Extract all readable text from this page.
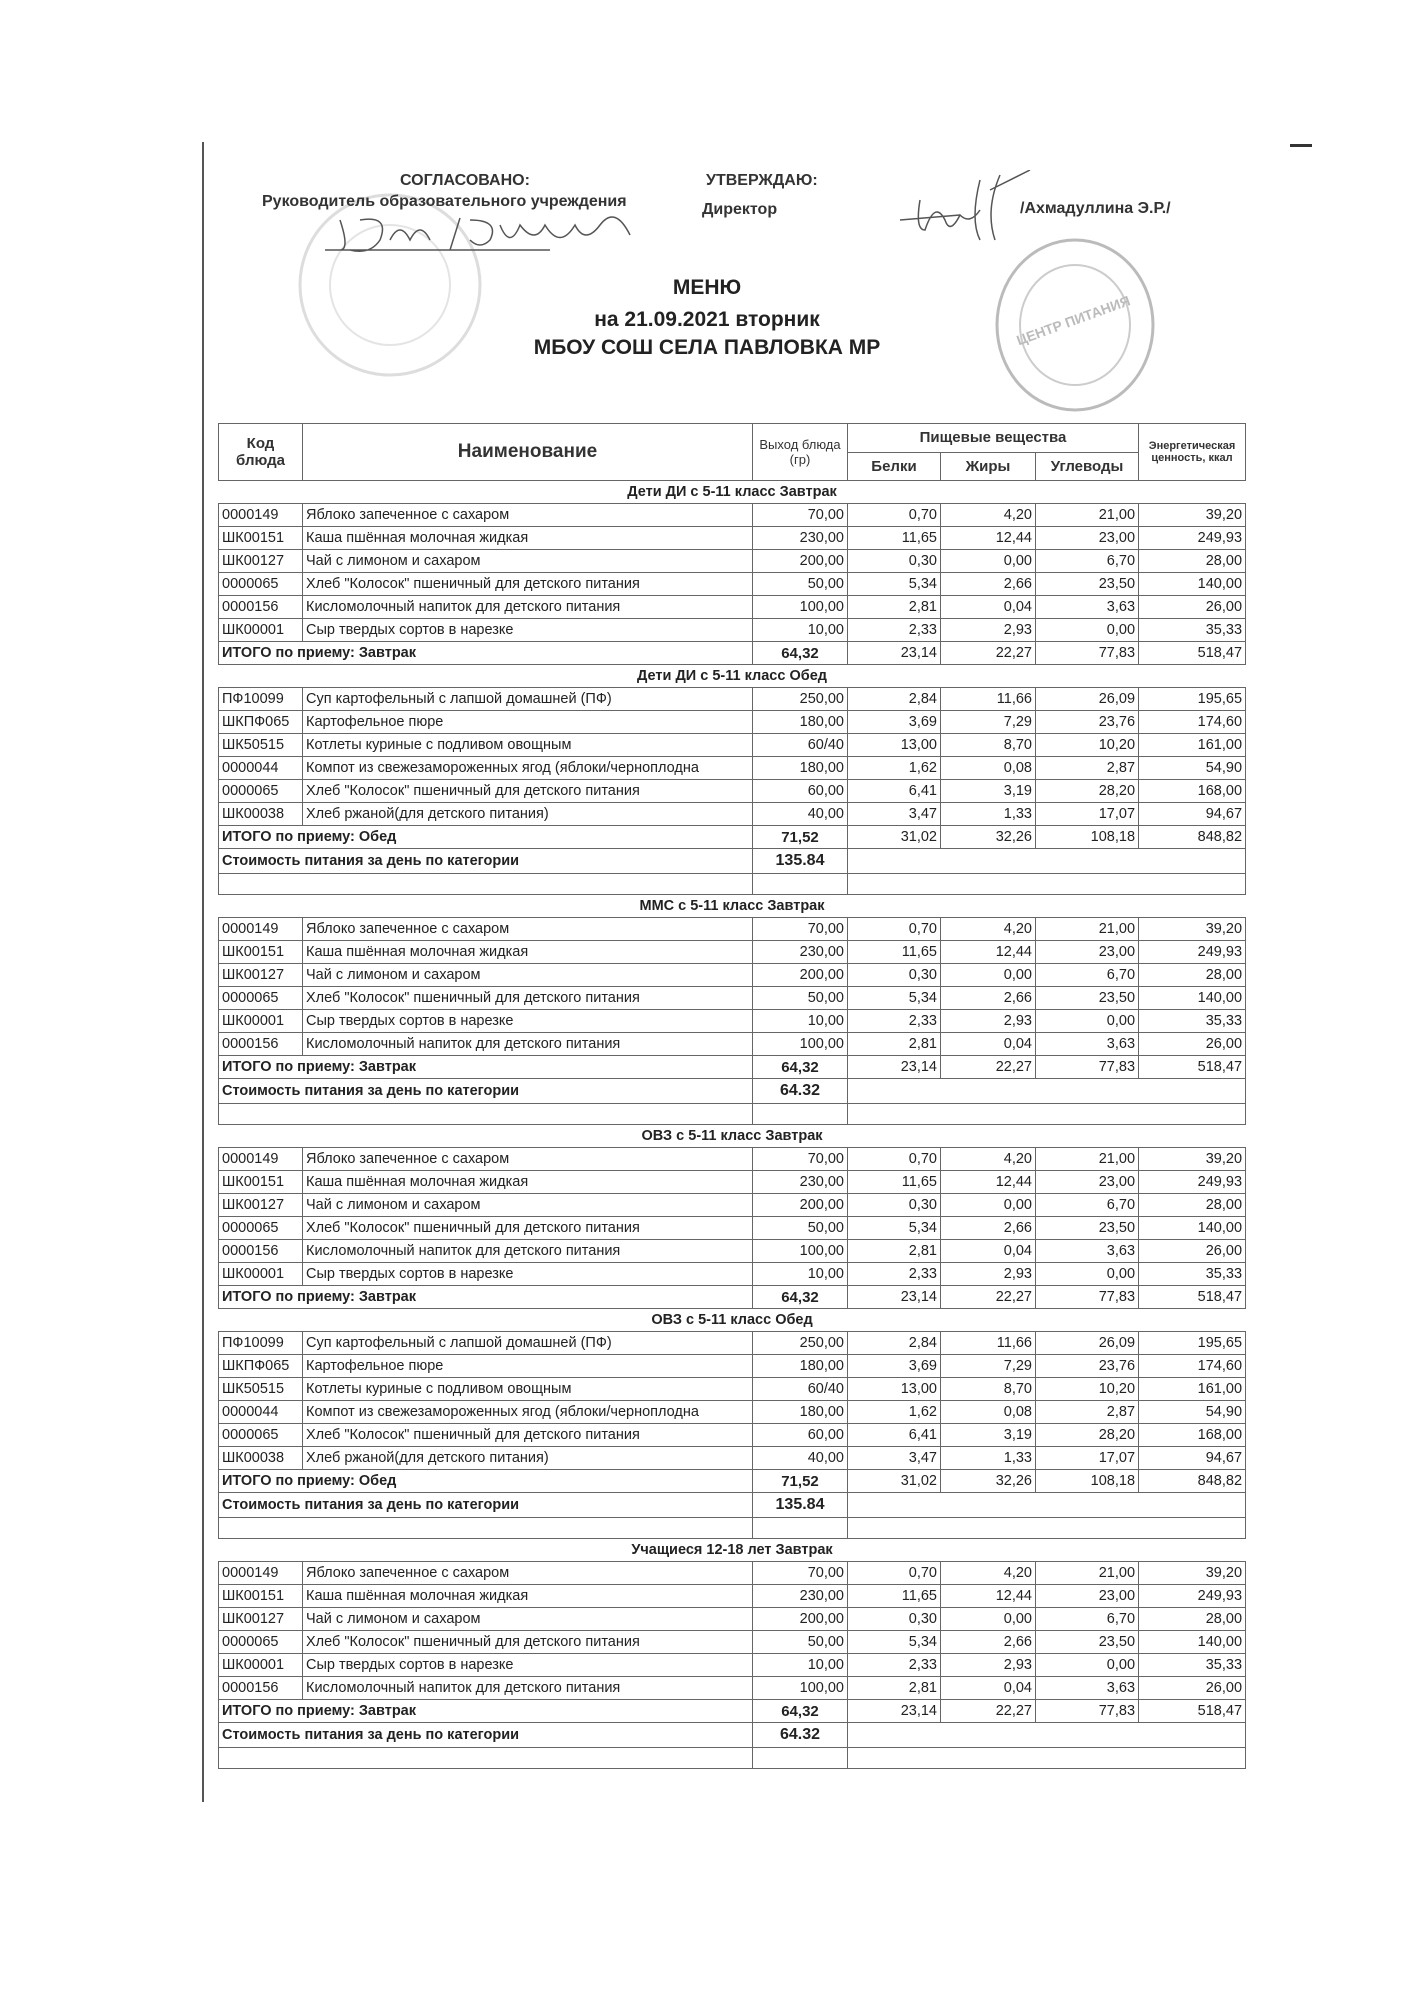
СОГЛАСОВАНО:
Руководитель образовательного учреждения
УТВЕРЖДАЮ:
Директор	/Ахмадуллина Э.Р./
ЦЕНТР ПИТАНИЯ
МЕНЮ
на 21.09.2021 вторник
МБОУ СОШ СЕЛА ПАВЛОВКА МР
Код блюда	Наименование	Выход блюда (гр)	Пищевые вещества			Энергетическая ценность, ккал
			Белки	Жиры	Углеводы	
Дети ДИ с 5-11 класс Завтрак						
0000149	Яблоко запеченное с сахаром	70,00	0,70	4,20	21,00	39,20
ШК00151	Каша пшённая молочная жидкая	230,00	11,65	12,44	23,00	249,93
ШК00127	Чай с лимоном и сахаром	200,00	0,30	0,00	6,70	28,00
0000065	Хлеб "Колосок" пшеничный для детского питания	50,00	5,34	2,66	23,50	140,00
0000156	Кисломолочный напиток для детского питания	100,00	2,81	0,04	3,63	26,00
ШК00001	Сыр твердых сортов в нарезке	10,00	2,33	2,93	0,00	35,33
ИТОГО по приему: Завтрак		64,32	23,14	22,27	77,83	518,47
Дети ДИ с 5-11 класс Обед						
ПФ10099	Суп картофельный с лапшой домашней (ПФ)	250,00	2,84	11,66	26,09	195,65
ШКПФ065	Картофельное пюре	180,00	3,69	7,29	23,76	174,60
ШК50515	Котлеты куриные с подливом овощным	60/40	13,00	8,70	10,20	161,00
0000044	Компот из свежезамороженных ягод (яблоки/черноплодна	180,00	1,62	0,08	2,87	54,90
0000065	Хлеб "Колосок" пшеничный для детского питания	60,00	6,41	3,19	28,20	168,00
ШК00038	Хлеб ржаной(для детского питания)	40,00	3,47	1,33	17,07	94,67
ИТОГО по приему: Обед		71,52	31,02	32,26	108,18	848,82
Стоимость питания за день по категории		135.84				

ММС с 5-11 класс Завтрак						
0000149	Яблоко запеченное с сахаром	70,00	0,70	4,20	21,00	39,20
ШК00151	Каша пшённая молочная жидкая	230,00	11,65	12,44	23,00	249,93
ШК00127	Чай с лимоном и сахаром	200,00	0,30	0,00	6,70	28,00
0000065	Хлеб "Колосок" пшеничный для детского питания	50,00	5,34	2,66	23,50	140,00
ШК00001	Сыр твердых сортов в нарезке	10,00	2,33	2,93	0,00	35,33
0000156	Кисломолочный напиток для детского питания	100,00	2,81	0,04	3,63	26,00
ИТОГО по приему: Завтрак		64,32	23,14	22,27	77,83	518,47
Стоимость питания за день по категории		64.32				

ОВЗ с 5-11 класс Завтрак						
0000149	Яблоко запеченное с сахаром	70,00	0,70	4,20	21,00	39,20
ШК00151	Каша пшённая молочная жидкая	230,00	11,65	12,44	23,00	249,93
ШК00127	Чай с лимоном и сахаром	200,00	0,30	0,00	6,70	28,00
0000065	Хлеб "Колосок" пшеничный для детского питания	50,00	5,34	2,66	23,50	140,00
0000156	Кисломолочный напиток для детского питания	100,00	2,81	0,04	3,63	26,00
ШК00001	Сыр твердых сортов в нарезке	10,00	2,33	2,93	0,00	35,33
ИТОГО по приему: Завтрак		64,32	23,14	22,27	77,83	518,47
ОВЗ с 5-11 класс Обед						
ПФ10099	Суп картофельный с лапшой домашней (ПФ)	250,00	2,84	11,66	26,09	195,65
ШКПФ065	Картофельное пюре	180,00	3,69	7,29	23,76	174,60
ШК50515	Котлеты куриные с подливом овощным	60/40	13,00	8,70	10,20	161,00
0000044	Компот из свежезамороженных ягод (яблоки/черноплодна	180,00	1,62	0,08	2,87	54,90
0000065	Хлеб "Колосок" пшеничный для детского питания	60,00	6,41	3,19	28,20	168,00
ШК00038	Хлеб ржаной(для детского питания)	40,00	3,47	1,33	17,07	94,67
ИТОГО по приему: Обед		71,52	31,02	32,26	108,18	848,82
Стоимость питания за день по категории		135.84				

Учащиеся 12-18 лет Завтрак						
0000149	Яблоко запеченное с сахаром	70,00	0,70	4,20	21,00	39,20
ШК00151	Каша пшённая молочная жидкая	230,00	11,65	12,44	23,00	249,93
ШК00127	Чай с лимоном и сахаром	200,00	0,30	0,00	6,70	28,00
0000065	Хлеб "Колосок" пшеничный для детского питания	50,00	5,34	2,66	23,50	140,00
ШК00001	Сыр твердых сортов в нарезке	10,00	2,33	2,93	0,00	35,33
0000156	Кисломолочный напиток для детского питания	100,00	2,81	0,04	3,63	26,00
ИТОГО по приему: Завтрак		64,32	23,14	22,27	77,83	518,47
Стоимость питания за день по категории		64.32				
